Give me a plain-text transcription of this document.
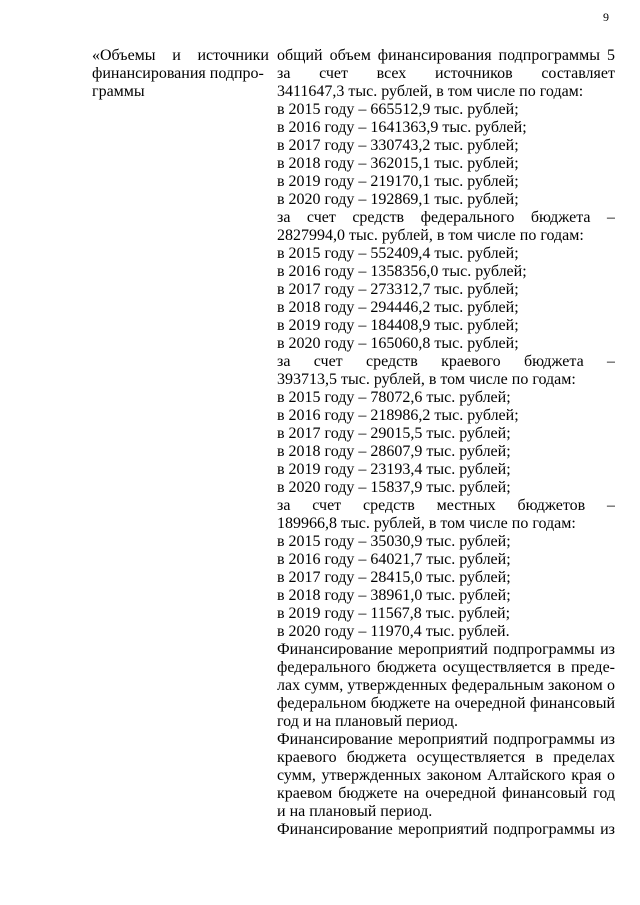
9
«Объемы и источники
финансирования подпро-
граммы
общий объем финансирования подпрограммы 5
за счет всех источников составляет
3411647,3 тыс. рублей, в том числе по годам:
в 2015 году – 665512,9 тыс. рублей;
в 2016 году – 1641363,9 тыс. рублей;
в 2017 году – 330743,2 тыс. рублей;
в 2018 году – 362015,1 тыс. рублей;
в 2019 году – 219170,1 тыс. рублей;
в 2020 году – 192869,1 тыс. рублей;
за счет средств федерального бюджета –
2827994,0 тыс. рублей, в том числе по годам:
в 2015 году – 552409,4 тыс. рублей;
в 2016 году – 1358356,0 тыс. рублей;
в 2017 году – 273312,7 тыс. рублей;
в 2018 году – 294446,2 тыс. рублей;
в 2019 году – 184408,9 тыс. рублей;
в 2020 году – 165060,8 тыс. рублей;
за счет средств краевого бюджета –
393713,5 тыс. рублей, в том числе по годам:
в 2015 году – 78072,6 тыс. рублей;
в 2016 году – 218986,2 тыс. рублей;
в 2017 году – 29015,5 тыс. рублей;
в 2018 году – 28607,9 тыс. рублей;
в 2019 году – 23193,4 тыс. рублей;
в 2020 году – 15837,9 тыс. рублей;
за счет средств местных бюджетов –
189966,8 тыс. рублей, в том числе по годам:
в 2015 году – 35030,9 тыс. рублей;
в 2016 году – 64021,7 тыс. рублей;
в 2017 году – 28415,0 тыс. рублей;
в 2018 году – 38961,0 тыс. рублей;
в 2019 году – 11567,8 тыс. рублей;
в 2020 году – 11970,4 тыс. рублей.
Финансирование мероприятий подпрограммы из
федерального бюджета осуществляется в преде-
лах сумм, утвержденных федеральным законом о
федеральном бюджете на очередной финансовый
год и на плановый период.
Финансирование мероприятий подпрограммы из
краевого бюджета осуществляется в пределах
сумм, утвержденных законом Алтайского края о
краевом бюджете на очередной финансовый год
и на плановый период.
Финансирование мероприятий подпрограммы из
